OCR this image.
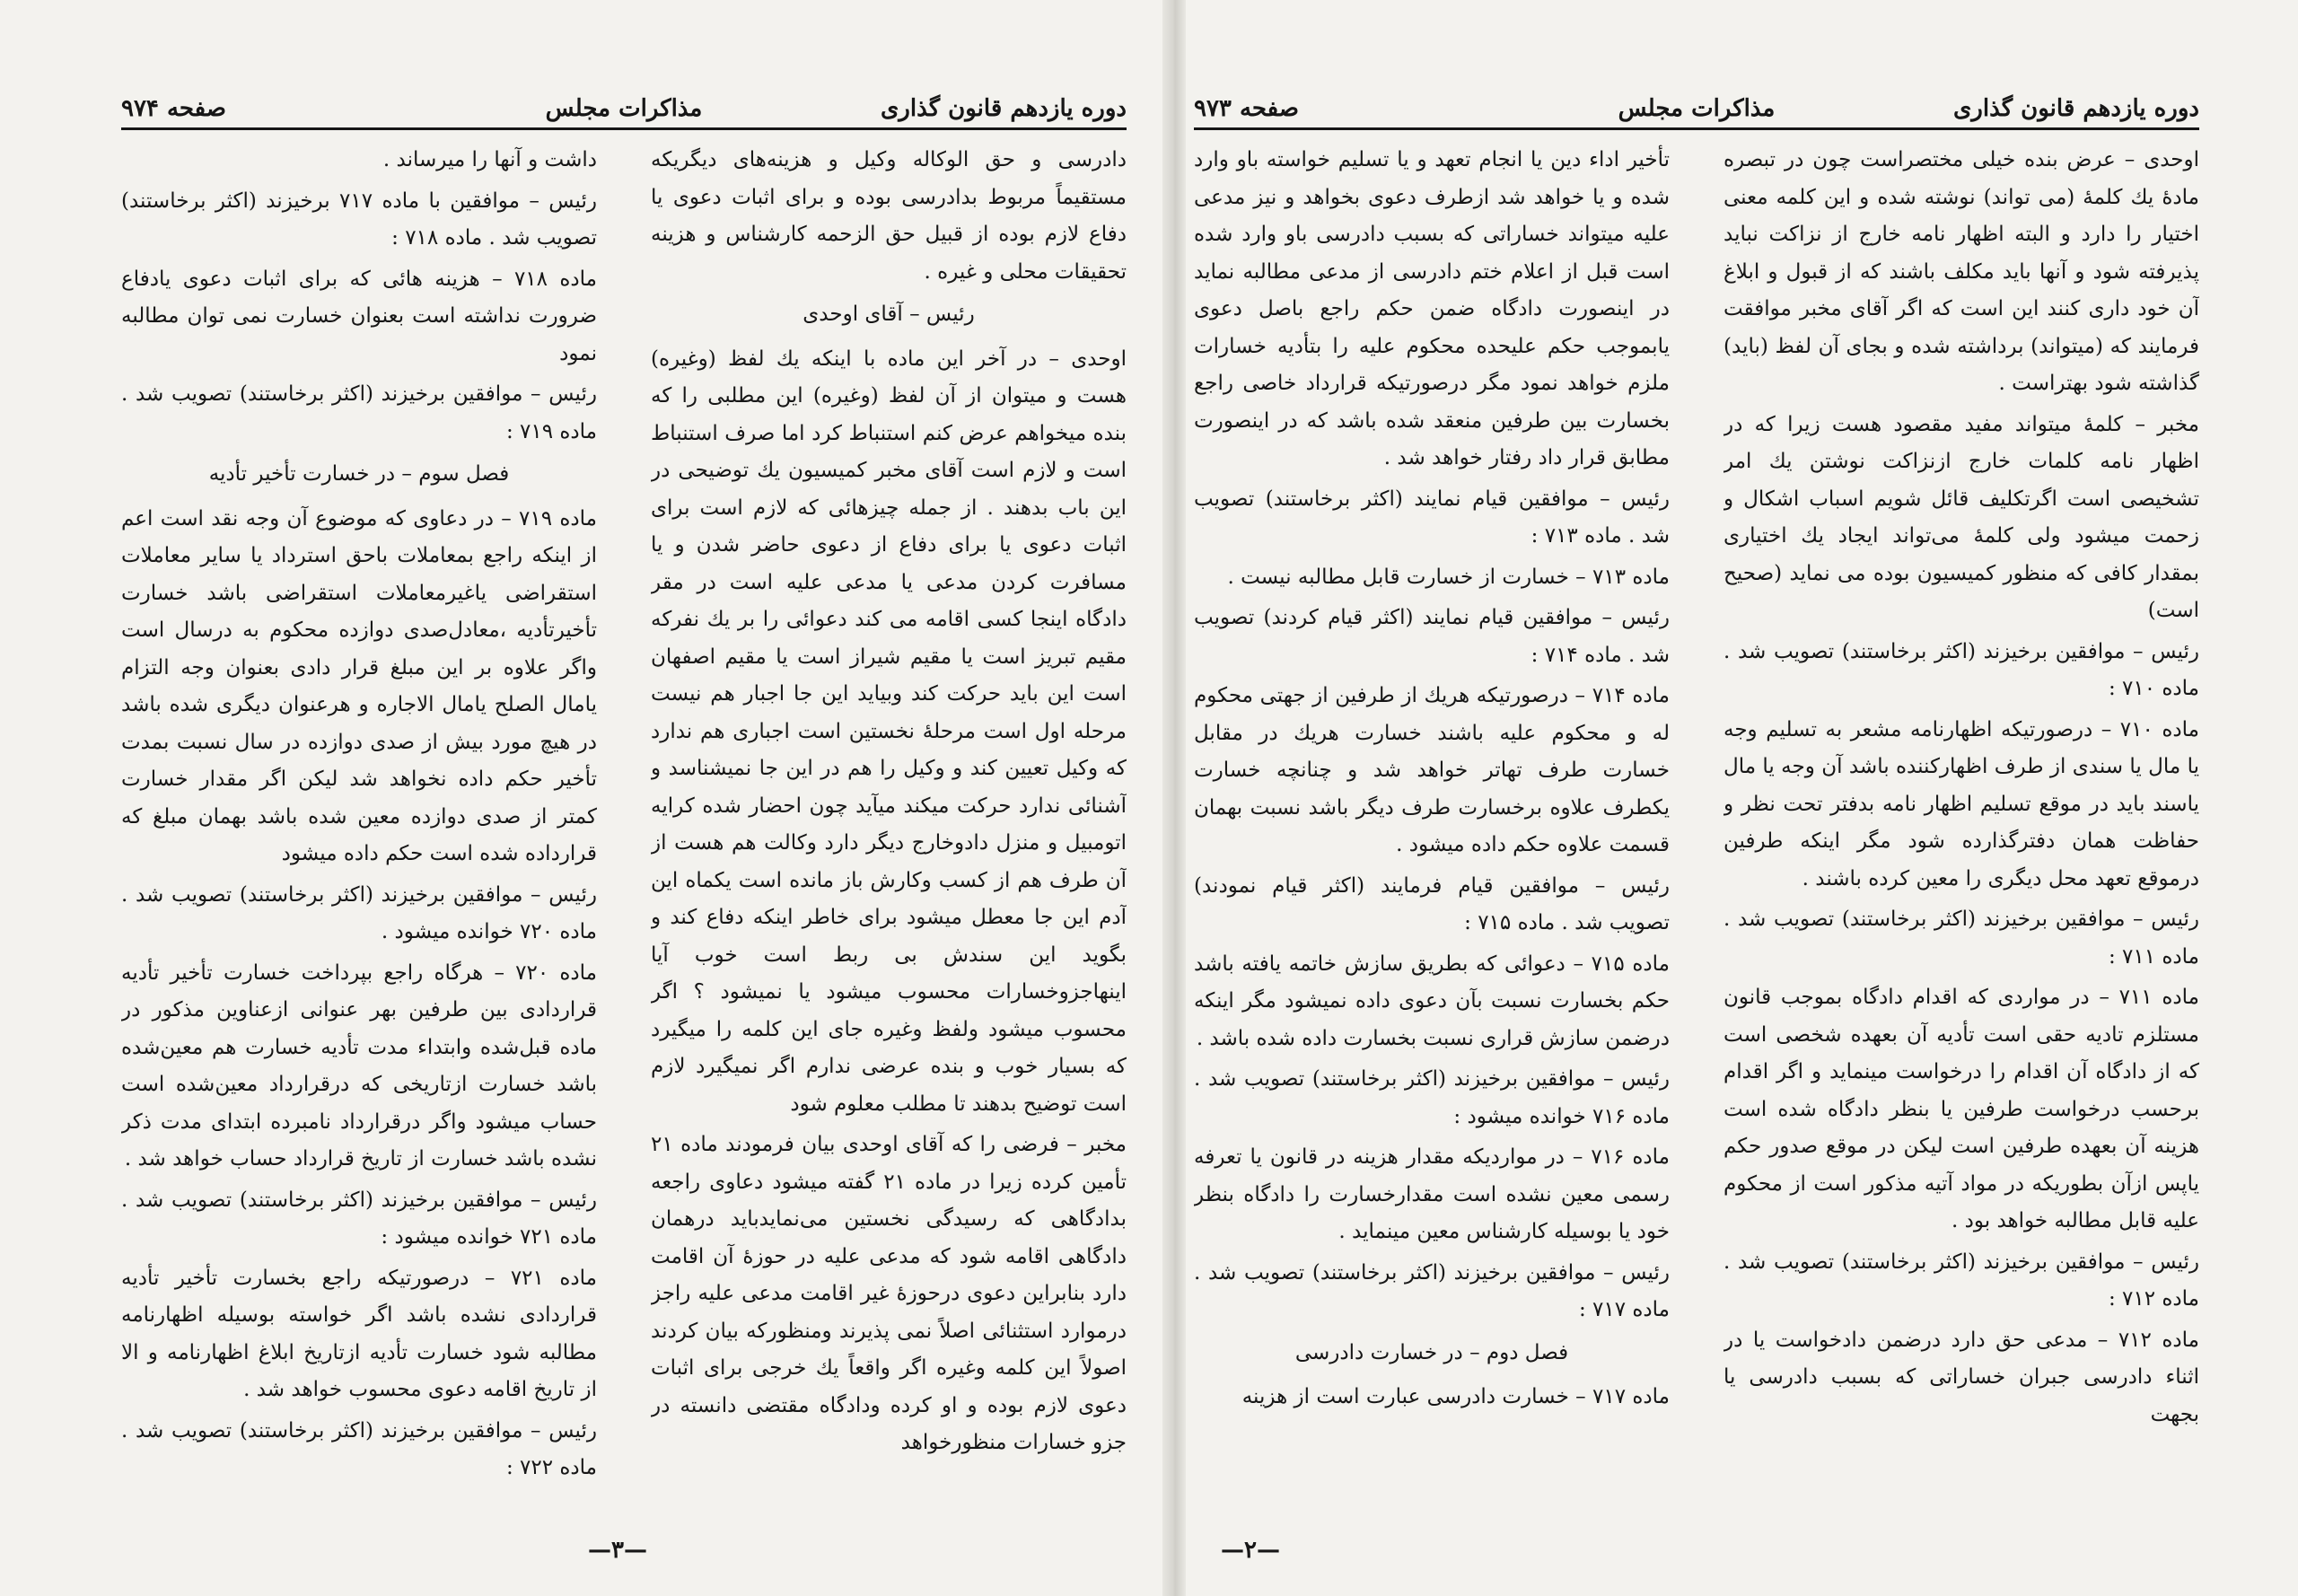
دوره یازدهم قانون گذاری
مذاکرات مجلس
صفحه ۹۷۴

دادرسی و حق الوکاله وکیل و هزینه‌های دیگریکه مستقیماً مربوط بدادرسی بوده و برای اثبات دعوی یا دفاع لازم بوده از قبیل حق الزحمه کارشناس و هزینه تحقیقات محلی و غیره .

رئیس – آقای اوحدی

اوحدی – در آخر این ماده با اینکه یك لفظ (وغیره) هست و میتوان از آن لفظ (وغیره) این مطلبی را که بنده میخواهم عرض کنم استنباط کرد اما صرف استنباط است و لازم است آقای مخبر کمیسیون یك توضیحی در این باب بدهند . از جمله چیزهائی که لازم است برای اثبات دعوی یا برای دفاع از دعوی حاضر شدن و یا مسافرت کردن مدعی یا مدعی علیه است در مقر دادگاه اینجا کسی اقامه می کند دعوائی را بر یك نفرکه مقیم تبریز است یا مقیم شیراز است یا مقیم اصفهان است این باید حرکت کند وبیاید این جا اجبار هم نیست مرحله اول است مرحلهٔ نخستین است اجباری هم ندارد که وکیل تعیین کند و وکیل را هم در این جا نمیشناسد و آشنائی ندارد حرکت میکند میآید چون احضار شده کرایه اتومبیل و منزل دادوخارج دیگر دارد وکالت هم هست از آن طرف هم از کسب وکارش باز مانده است یکماه این آدم این جا معطل میشود برای خاطر اینکه دفاع کند و بگوید این سندش بی ربط است خوب آیا اینهاجزوخسارات محسوب میشود یا نمیشود ؟ اگر محسوب میشود ولفظ وغیره جای این کلمه را میگیرد که بسیار خوب و بنده عرضی ندارم اگر نمیگیرد لازم است توضیح بدهند تا مطلب معلوم شود

مخبر – فرضی را که آقای اوحدی بیان فرمودند ماده ۲۱ تأمین کرده زیرا در ماده ۲۱ گفته میشود دعاوی راجعه بدادگاهی که رسیدگی نخستین می‌نمایدباید درهمان دادگاهی اقامه شود که مدعی علیه در حوزهٔ آن اقامت دارد بنابراین دعوی درحوزهٔ غیر اقامت مدعی علیه راجز درموارد استثنائی اصلاً نمی پذیرند ومنظورکه بیان کردند اصولاً این کلمه وغیره اگر واقعاً یك خرجی برای اثبات دعوی لازم بوده و او کرده ودادگاه مقتضی دانسته در جزو خسارات منظورخواهد

داشت و آنها را میرساند .

رئیس – موافقین با ماده ۷۱۷ برخیزند (اکثر برخاستند) تصویب شد . ماده ۷۱۸ :

ماده ۷۱۸ – هزینه هائی که برای اثبات دعوی یادفاع ضرورت نداشته است بعنوان خسارت نمی توان مطالبه نمود

رئیس – موافقین برخیزند (اکثر برخاستند) تصویب شد . ماده ۷۱۹ :

فصل سوم – در خسارت تأخیر تأدیه

ماده ۷۱۹ – در دعاوی که موضوع آن وجه نقد است اعم از اینکه راجع بمعاملات باحق استرداد یا سایر معاملات استقراضی یاغیرمعاملات استقراضی باشد خسارت تأخیرتأدیه ،معادل‌صدی دوازده محکوم به درسال است واگر علاوه بر این مبلغ قرار دادی بعنوان وجه التزام یامال الصلح یامال الاجاره و هرعنوان دیگری شده باشد در هیچ مورد بیش از صدی دوازده در سال نسبت بمدت تأخیر حکم داده نخواهد شد لیکن اگر مقدار خسارت کمتر از صدی دوازده معین شده باشد بهمان مبلغ که قرارداده شده است حکم داده میشود

رئیس – موافقین برخیزند (اکثر برخاستند) تصویب شد . ماده ۷۲۰ خوانده میشود .

ماده ۷۲۰ – هرگاه راجع بپرداخت خسارت تأخیر تأدیه قراردادی بین طرفین بهر عنوانی ازعناوین مذکور در ماده قبل‌شده وابتداء مدت تأدیه خسارت هم معین‌شده باشد خسارت ازتاریخی که درقرارداد معین‌شده است حساب میشود واگر درقرارداد نامبرده ابتدای مدت ذکر نشده باشد خسارت از تاریخ قرارداد حساب خواهد شد .

رئیس – موافقین برخیزند (اکثر برخاستند) تصویب شد . ماده ۷۲۱ خوانده میشود :

ماده ۷۲۱ – درصورتیکه راجع بخسارت تأخیر تأدیه قراردادی نشده باشد اگر خواسته بوسیله اظهارنامه مطالبه شود خسارت تأدیه ازتاریخ ابلاغ اظهارنامه و الا از تاریخ اقامه دعوی محسوب خواهد شد .

رئیس – موافقین برخیزند (اکثر برخاستند) تصویب شد . ماده ۷۲۲ :

—۳—
دوره یازدهم قانون گذاری
مذاکرات مجلس
صفحه ۹۷۳

اوحدی – عرض بنده خیلی مختصراست چون در تبصره مادهٔ یك کلمهٔ (می تواند) نوشته شده و این کلمه معنی اختیار را دارد و البته اظهار نامه خارج از نزاکت نباید پذیرفته شود و آنها باید مکلف باشند که از قبول و ابلاغ آن خود داری کنند این است که اگر آقای مخبر موافقت فرمایند که (میتواند) برداشته شده و بجای آن لفظ (باید) گذاشته شود بهتراست .

مخبر – کلمهٔ میتواند مفید مقصود هست زیرا که در اظهار نامه کلمات خارج ازنزاکت نوشتن یك امر تشخیصی است اگرتکلیف قائل شویم اسباب اشکال و زحمت میشود ولی کلمهٔ می‌تواند ایجاد یك اختیاری بمقدار کافی که منظور کمیسیون بوده می نماید (صحیح است)

رئیس – موافقین برخیزند (اکثر برخاستند) تصویب شد . ماده ۷۱۰ :

ماده ۷۱۰ – درصورتیکه اظهارنامه مشعر به تسلیم وجه یا مال یا سندی از طرف اظهارکننده باشد آن وجه یا مال یاسند باید در موقع تسلیم اظهار نامه بدفتر تحت نظر و حفاظت همان دفترگذارده شود مگر اینکه طرفین درموقع تعهد محل دیگری را معین کرده باشند .

رئیس – موافقین برخیزند (اکثر برخاستند) تصویب شد . ماده ۷۱۱ :

ماده ۷۱۱ – در مواردی که اقدام دادگاه بموجب قانون مستلزم تادیه حقی است تأدیه آن بعهده شخصی است که از دادگاه آن اقدام را درخواست مینماید و اگر اقدام برحسب درخواست طرفین یا بنظر دادگاه شده است هزینه آن بعهده طرفین است لیکن در موقع صدور حکم یاپس ازآن بطوریکه در مواد آتیه مذکور است از محکوم علیه قابل مطالبه خواهد بود .

رئیس – موافقین برخیزند (اکثر برخاستند) تصویب شد . ماده ۷۱۲ :

ماده ۷۱۲ – مدعی حق دارد درضمن دادخواست یا در اثناء دادرسی جبران خساراتی که بسبب دادرسی یا بجهت

تأخیر اداء دین یا انجام تعهد و یا تسلیم خواسته باو وارد شده و یا خواهد شد ازطرف دعوی بخواهد و نیز مدعی علیه میتواند خساراتی که بسبب دادرسی باو وارد شده است قبل از اعلام ختم دادرسی از مدعی مطالبه نماید در اینصورت دادگاه ضمن حکم راجع باصل دعوی یابموجب حکم علیحده محکوم علیه را بتأدیه خسارات ملزم خواهد نمود مگر درصورتیکه قرارداد خاصی راجع بخسارت بین طرفین منعقد شده باشد که در اینصورت مطابق قرار داد رفتار خواهد شد .

رئیس – موافقین قیام نمایند (اکثر برخاستند) تصویب شد . ماده ۷۱۳ :

ماده ۷۱۳ – خسارت از خسارت قابل مطالبه نیست .

رئیس – موافقین قیام نمایند (اکثر قیام کردند) تصویب شد . ماده ۷۱۴ :

ماده ۷۱۴ – درصورتیکه هریك از طرفین از جهتی محکوم له و محکوم علیه باشند خسارت هریك در مقابل خسارت طرف تهاتر خواهد شد و چنانچه خسارت یکطرف علاوه برخسارت طرف دیگر باشد نسبت بهمان قسمت علاوه حکم داده میشود .

رئیس – موافقین قیام فرمایند (اکثر قیام نمودند) تصویب شد . ماده ۷۱۵ :

ماده ۷۱۵ – دعوائی که بطریق سازش خاتمه یافته باشد حکم بخسارت نسبت بآن دعوی داده نمیشود مگر اینکه درضمن سازش قراری نسبت بخسارت داده شده باشد .

رئیس – موافقین برخیزند (اکثر برخاستند) تصویب شد . ماده ۷۱۶ خوانده میشود :

ماده ۷۱۶ – در مواردیکه مقدار هزینه در قانون یا تعرفه رسمی معین نشده است مقدارخسارت را دادگاه بنظر خود یا بوسیله کارشناس معین مینماید .

رئیس – موافقین برخیزند (اکثر برخاستند) تصویب شد . ماده ۷۱۷ :

فصل دوم – در خسارت دادرسی

ماده ۷۱۷ – خسارت دادرسی عبارت است از هزینه

—۲—
